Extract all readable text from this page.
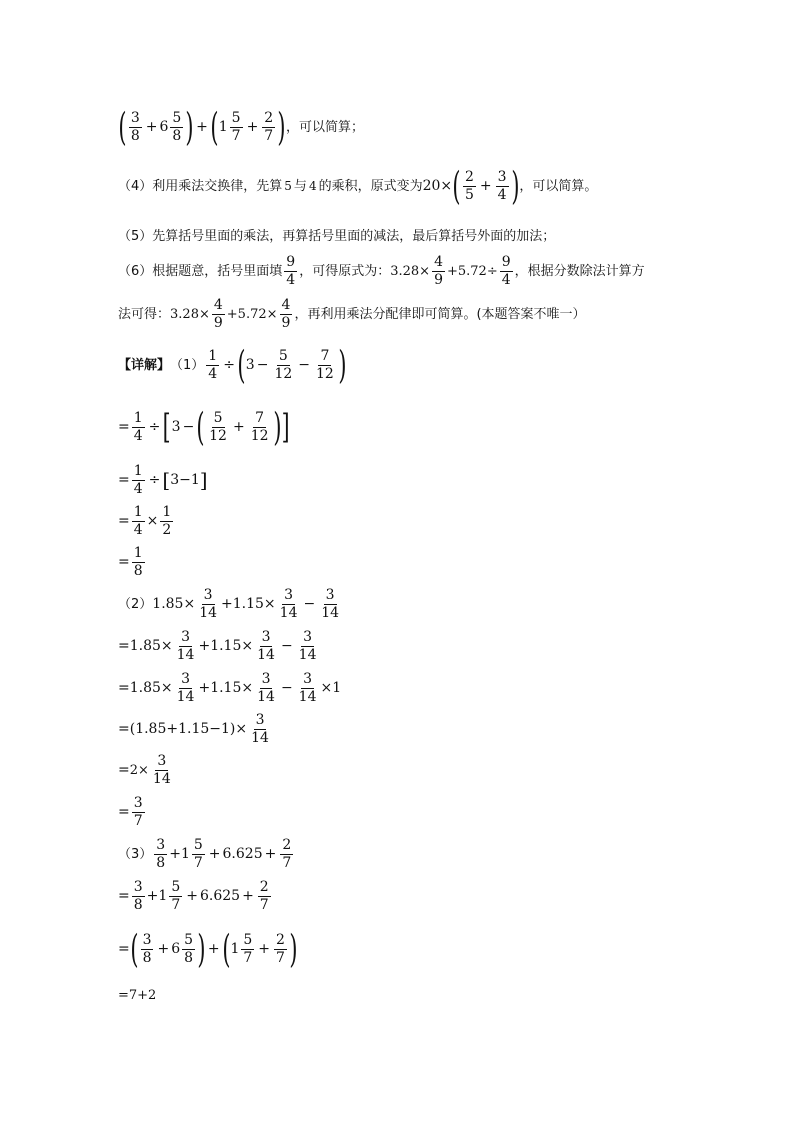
( 3
8
+ 6
5
8 ) + ( 1
5
7
+ $\frac{2}{7}$ ) ，可以简算；
（4）利用乘法交换律，先算 5 与 4 的乘积，原式变为 20× ( 2
5
+ $\frac{3}{4}$ ) ，可以简算。
（5）先算括号里面的乘法，再算括号里面的减法，最后算括号外面的加法；
（6）根据题意，括号里面填
9
4
，可得原式为： $3.28\times \frac{4}{9} +5.72\div \frac{9}{4}$ ，根据分数除法计算方
法可得： $3.28\times \frac{4}{9} +5.72\times \frac{4}{9}$ ，再利用乘法分配律即可简算。(本题答案不唯一）
【详解】 $(1) \frac{1}{4}$ ÷ ( $3 - \frac{5}{12} - \frac{7}{12}$ )
= $\frac{1}{4}$ ÷ [ 3 − ( 5
12
+ $\frac{7}{12}$ ) ]
= $\frac{1}{4}$ ÷ [ 3−1 ]
= $\frac{1}{4} \times \frac{1}{2}$
= $\frac{1}{8}$
（2） $1.85 \times \frac{3}{14} + 1.15 \times \frac{3}{14} - \frac{3}{14}$
= $1.85 \times \frac{3}{14} + 1.15 \times \frac{3}{14} - \frac{3}{14}$
= $1.85 \times \frac{3}{14} + 1.15 \times \frac{3}{14} - \frac{3}{14} \times 1$
= $(1.85+1.15-1)\times \frac{3}{14}$
= $2\times \frac{3}{14}$
= $\frac{3}{7}$
（3）
3
8
+ 1
5
7
+ $6.625 + \frac{2}{7}$
= $\frac{3}{8} + 1$
5
7
+ $6.625 + \frac{2}{7}$
= ( 3
8
+ 6
5
8 ) + ( 1
5
7
+ $\frac{2}{7}$ )
=7+2
